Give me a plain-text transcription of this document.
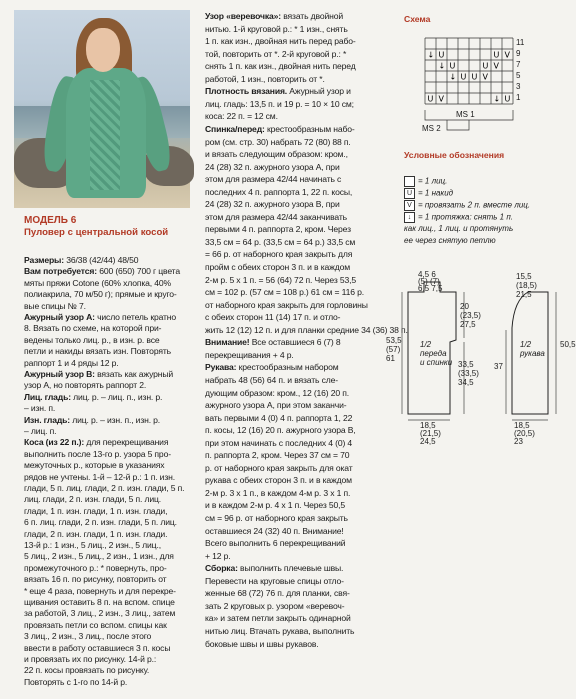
МОДЕЛЬ 6
Пуловер с центральной косой
Размеры: 36/38 (42/44) 48/50
Вам потребуется: 600 (650) 700 г цвета
мяты пряжи Cotone (60% хлопка, 40%
полиакрила, 70 м/50 г); прямые и круго-
вые спицы № 7.
Ажурный узор А: число петель кратно
8. Вязать по схеме, на которой при-
ведены только лиц. р., в изн. р. все
петли и накиды вязать изн. Повторять
раппорт 1 и 4 ряды 12 р.
Ажурный узор В: вязать как ажурный
узор А, но повторять раппорт 2.
Лиц. гладь: лиц. р. – лиц. п., изн. р.
– изн. п.
Изн. гладь: лиц. р. – изн. п., изн. р.
– лиц. п.
Коса (из 22 п.): для перекрещивания
выполнить после 13-го р. узора 5 про-
межуточных р., которые в указаниях
рядов не учтены. 1-й – 12-й р.: 1 п. изн.
глади, 5 п. лиц. глади, 2 п. изн. глади, 5 п.
лиц. глади, 2 п. изн. глади, 5 п. лиц.
глади, 1 п. изн. глади, 1 п. изн. глади,
6 п. лиц. глади, 2 п. изн. глади, 5 п. лиц.
глади, 2 п. изн. глади, 1 п. изн. глади.
13-й р.: 1 изн., 5 лиц., 2 изн., 5 лиц.,
5 лиц., 2 изн., 5 лиц., 2 изн., 1 изн., для
промежуточного р.: * повернуть, про-
вязать 16 п. по рисунку, повторить от
* еще 4 раза, повернуть и для перекре-
щивания оставить 8 п. на вспом. спице
за работой, 3 лиц., 2 изн., 3 лиц., затем
провязать петли со вспом. спицы как
3 лиц., 2 изн., 3 лиц., после этого
ввести в работу оставшиеся 3 п. косы
и провязать их по рисунку. 14-й р.:
22 п. косы провязать по рисунку.
Повторять с 1-го по 14-й р.
Узор «веревочка»: вязать двойной
нитью. 1-й круговой р.: * 1 изн., снять
1 п. как изн., двойная нить перед рабо-
той, повторить от *. 2-й круговой р.: *
снять 1 п. как изн., двойная нить перед
работой, 1 изн., повторить от *.
Плотность вязания. Ажурный узор и
лиц. гладь: 13,5 п. и 19 р. = 10 × 10 см;
коса: 22 п. = 12 см.
Спинка/перед: крестообразным набо-
ром (см. стр. 30) набрать 72 (80) 88 п.
и вязать следующим образом: кром.,
24 (28) 32 п. ажурного узора А, при
этом для размера 42/44 начинать с
последних 4 п. раппорта 1, 22 п. косы,
24 (28) 32 п. ажурного узора В, при
этом для размера 42/44 заканчивать
первыми 4 п. раппорта 2, кром. Через
33,5 см = 64 р. (33,5 см = 64 р.) 33,5 см
= 66 р. от наборного края закрыть для
пройм с обеих сторон 3 п. и в каждом
2-м р. 5 x 1 п. = 56 (64) 72 п. Через 53,5
см = 102 р. (57 см = 108 р.) 61 см = 116 р.
от наборного края закрыть для горловины
с обеих сторон 11 (14) 17 п. и отло-
жить 12 (12) 12 п. и для планки средние 34 (36) 38 п.
Внимание! Все оставшиеся 6 (7) 8
перекрещивания + 4 р.
Рукава: крестообразным набором
набрать 48 (56) 64 п. и вязать сле-
дующим образом: кром., 12 (16) 20 п.
ажурного узора А, при этом заканчи-
вать первыми 4 (0) 4 п. раппорта 1, 22
п. косы, 12 (16) 20 п. ажурного узора В,
при этом начинать с последних 4 (0) 4
п. раппорта 2, кром. Через 37 см = 70
р. от наборного края закрыть для окат
рукава с обеих сторон 3 п. и в каждом
2-м р. 3 x 1 п., в каждом 4-м р. 3 x 1 п.
и в каждом 2-м р. 4 x 1 п. Через 50,5
см = 96 р. от наборного края закрыть
оставшиеся 24 (32) 40 п. Внимание!
Всего выполнить 6 перекрещиваний
+ 12 р.
Сборка: выполнить плечевые швы.
Перевести на круговые спицы отло-
женные 68 (72) 76 п. для планки, свя-
зать 2 круговых р. узором «веревоч-
ка» и затем петли закрыть одинарной
нитью лиц. Втачать рукава, выполнить
боковые швы и швы рукавов.
Схема
↓ U	U V
↓ U	U V
↓ U U V
U V	↓ U
11
9
7
5
3
1
MS 1
MS 2
Условные обозначения
= 1 лиц.
U = 1 накид
V = провязать 2 п. вместе лиц.
↓ = 1 протяжка: снять 1 п.
как лиц., 1 лиц. и протянуть
ее через снятую петлю
4,5 6
(5) (7)
6,5 7,5
20
(23,5)
27,5
33,5
(33,5)
34,5
53,5
(57)
61
18,5
(21,5)
24,5
1/2
переда
и спинки
15,5
(18,5)
21,5
50,5
18,5
(20,5)
23
37
1/2
рукава
